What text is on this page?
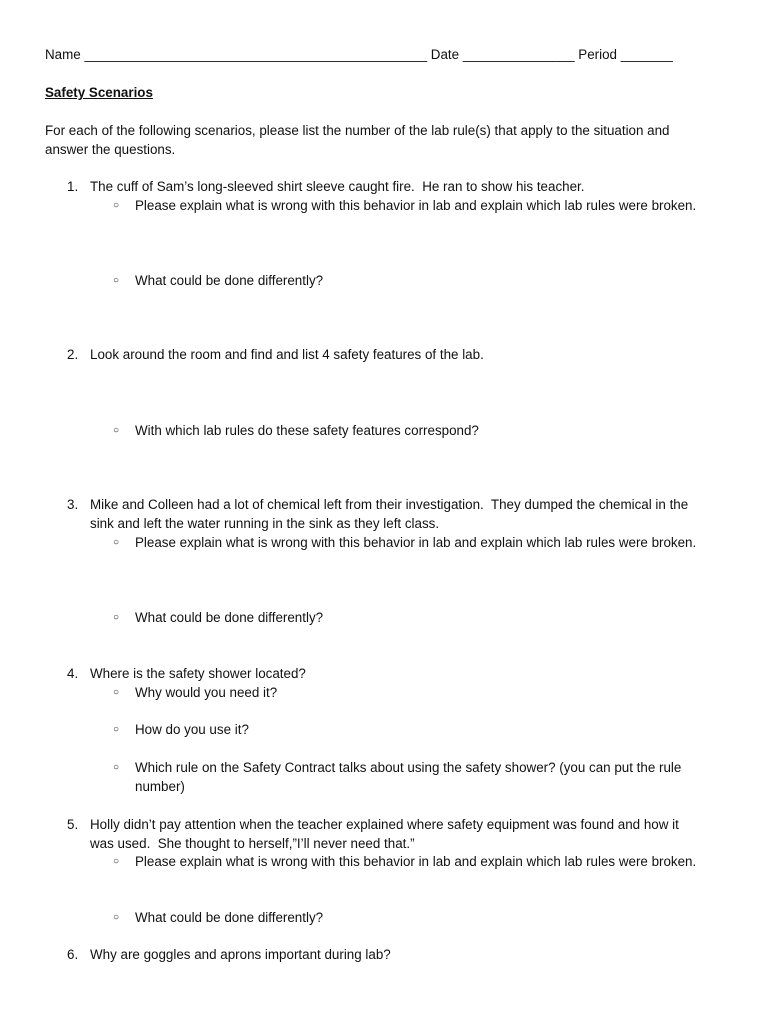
Name ______________________________________________ Date _______________ Period _______
Safety Scenarios
For each of the following scenarios, please list the number of the lab rule(s) that apply to the situation and
answer the questions.
1. The cuff of Sam’s long-sleeved shirt sleeve caught fire.  He ran to show his teacher.
○ Please explain what is wrong with this behavior in lab and explain which lab rules were broken.
○ What could be done differently?
2. Look around the room and find and list 4 safety features of the lab.
○ With which lab rules do these safety features correspond?
3. Mike and Colleen had a lot of chemical left from their investigation.  They dumped the chemical in the
sink and left the water running in the sink as they left class.
○ Please explain what is wrong with this behavior in lab and explain which lab rules were broken.
○ What could be done differently?
4. Where is the safety shower located?
○ Why would you need it?
○ How do you use it?
○ Which rule on the Safety Contract talks about using the safety shower? (you can put the rule
number)
5. Holly didn’t pay attention when the teacher explained where safety equipment was found and how it
was used.  She thought to herself,”I’ll never need that.”
○ Please explain what is wrong with this behavior in lab and explain which lab rules were broken.
○ What could be done differently?
6. Why are goggles and aprons important during lab?
